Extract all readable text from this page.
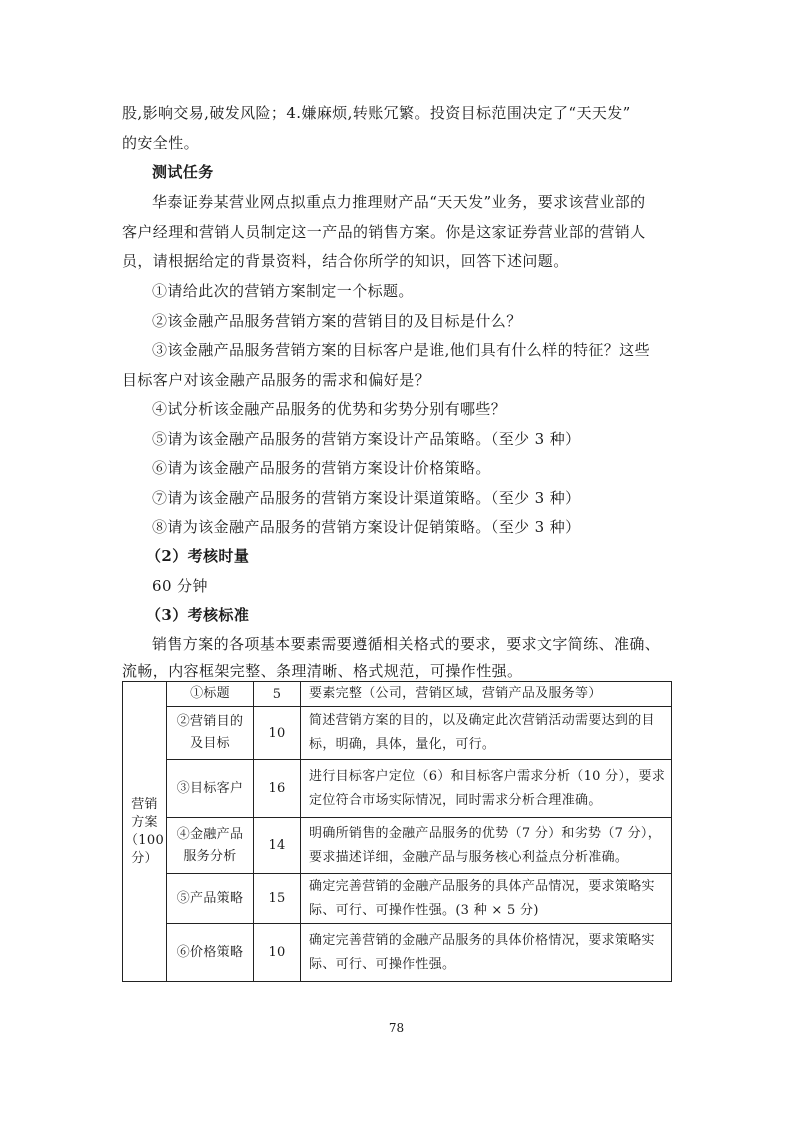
股,影响交易,破发风险；4.嫌麻烦,转账冗繁。投资目标范围决定了“天天发”
的安全性。
测试任务
华泰证券某营业网点拟重点力推理财产品“天天发”业务，要求该营业部的
客户经理和营销人员制定这一产品的销售方案。你是这家证券营业部的营销人
员，请根据给定的背景资料，结合你所学的知识，回答下述问题。
①请给此次的营销方案制定一个标题。
②该金融产品服务营销方案的营销目的及目标是什么？
③该金融产品服务营销方案的目标客户是谁,他们具有什么样的特征？这些
目标客户对该金融产品服务的需求和偏好是？
④试分析该金融产品服务的优势和劣势分别有哪些？
⑤请为该金融产品服务的营销方案设计产品策略。（至少 3 种）
⑥请为该金融产品服务的营销方案设计价格策略。
⑦请为该金融产品服务的营销方案设计渠道策略。（至少 3 种）
⑧请为该金融产品服务的营销方案设计促销策略。（至少 3 种）
（2）考核时量
60 分钟
（3）考核标准
销售方案的各项基本要素需要遵循相关格式的要求，要求文字简练、准确、
流畅，内容框架完整、条理清晰、格式规范，可操作性强。
营销方案（100分）	①标题	5	要素完整（公司，营销区域，营销产品及服务等）
	②营销目的及目标	10	简述营销方案的目的，以及确定此次营销活动需要达到的目标，明确，具体，量化，可行。
	③目标客户	16	进行目标客户定位（6）和目标客户需求分析（10 分），要求定位符合市场实际情况，同时需求分析合理准确。
	④金融产品服务分析	14	明确所销售的金融产品服务的优势（7 分）和劣势（7 分），要求描述详细，金融产品与服务核心利益点分析准确。
	⑤产品策略	15	确定完善营销的金融产品服务的具体产品情况，要求策略实际、可行、可操作性强。(3 种 × 5 分)
	⑥价格策略	10	确定完善营销的金融产品服务的具体价格情况，要求策略实际、可行、可操作性强。
78
